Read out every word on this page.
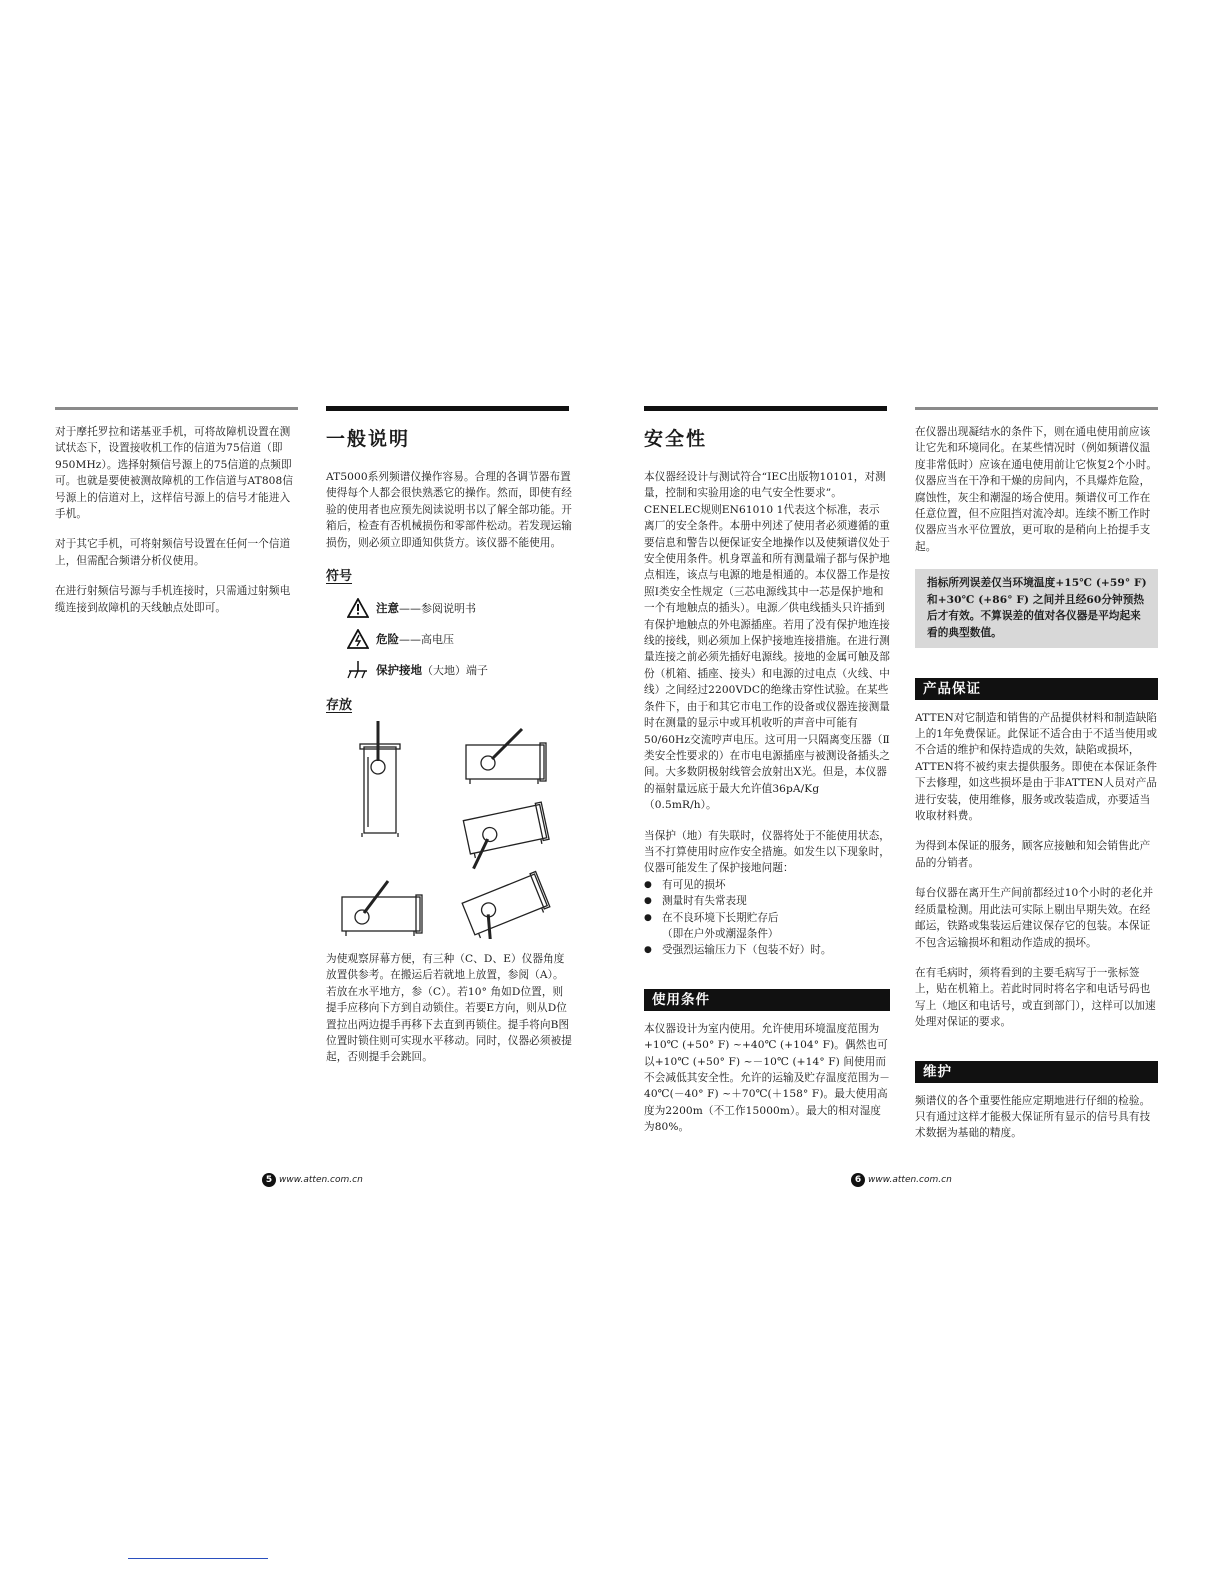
对于摩托罗拉和诺基亚手机，可将故障机设置在测试状态下，设置接收机工作的信道为75信道（即950MHz）。选择射频信号源上的75信道的点频即可。也就是要使被测故障机的工作信道与AT808信号源上的信道对上，这样信号源上的信号才能进入手机。

对于其它手机，可将射频信号设置在任何一个信道上，但需配合频谱分析仪使用。

在进行射频信号源与手机连接时，只需通过射频电缆连接到故障机的天线触点处即可。

一般说明

AT5000系列频谱仪操作容易。合理的各调节器布置使得每个人都会很快熟悉它的操作。然而，即使有经验的使用者也应预先阅读说明书以了解全部功能。开箱后，检查有否机械损伤和零部件松动。若发现运输损伤，则必须立即通知供货方。该仪器不能使用。

符号
注意 ——参阅说明书
危险 ——高电压
保护接地 （大地）端子
存放

为使观察屏幕方便，有三种（C、D、E）仪器角度放置供参考。在搬运后若就地上放置，参阅（A）。若放在水平地方，参（C）。若10° 角如D位置，则提手应移向下方到自动锁住。若要E方向，则从D位置拉出两边提手再移下去直到再锁住。提手将向B图位置时锁住则可实现水平移动。同时，仪器必须被提起，否则提手会跳回。

安全性

本仪器经设计与测试符合“IEC出版物10101，对测量，控制和实验用途的电气安全性要求”。CENELEC规则EN61010 1代表这个标准，表示离厂的安全条件。本册中列述了使用者必须遵循的重要信息和警告以便保证安全地操作以及使频谱仪处于安全使用条件。机身罩盖和所有测量端子都与保护地点相连，该点与电源的地是相通的。本仪器工作是按照Ⅰ类安全性规定（三芯电源线其中一芯是保护地和一个有地触点的插头）。电源／供电线插头只许插到有保护地触点的外电源插座。若用了没有保护地连接线的接线，则必须加上保护接地连接措施。在进行测量连接之前必须先插好电源线。接地的金属可触及部份（机箱、插座、接头）和电源的过电点（火线、中线）之间经过2200VDC的绝缘击穿性试验。在某些条件下，由于和其它市电工作的设备或仪器连接测量时在测量的显示中或耳机收听的声音中可能有50/60Hz交流哼声电压。这可用一只隔离变压器（Ⅱ类安全性要求的）在市电电源插座与被测设备插头之间。大多数阴极射线管会放射出X光。但是，本仪器的福射量远底于最大允许值36pA/Kg（0.5mR/h）。

当保护（地）有失联时，仪器将处于不能使用状态，当不打算使用时应作安全措施。如发生以下现象时，仪器可能发生了保护接地问题：

● 有可见的损坏
● 测量时有失常表现
● 在不良环境下长期贮存后
（即在户外或潮湿条件）
● 受强烈运输压力下（包装不好）时。
使用条件

本仪器设计为室内使用。允许使用环境温度范围为+10℃ (+50° F) ~+40℃ (+104° F)。偶然也可以+10℃ (+50° F) ~－10℃ (+14° F) 间使用而不会减低其安全性。允许的运输及贮存温度范围为－40℃(－40° F) ~＋70℃(＋158° F)。最大使用高度为2200m（不工作15000m）。最大的相对湿度为80%。

在仪器出现凝结水的条件下，则在通电使用前应该让它先和环境同化。在某些情况时（例如频谱仪温度非常低时）应该在通电使用前让它恢复2个小时。仪器应当在干净和干燥的房间内，不具爆炸危险，腐蚀性，灰尘和潮湿的场合使用。频谱仪可工作在任意位置，但不应阻挡对流冷却。连续不断工作时仪器应当水平位置放，更可取的是稍向上抬提手支起。

指标所列误差仅当环境温度+15℃ (+59° F)和+30℃ (+86° F) 之间并且经60分钟预热后才有效。不算误差的值对各仪器是平均起来看的典型数值。

产品保证

ATTEN对它制造和销售的产品提供材料和制造缺陷上的1年免费保证。此保证不适合由于不适当使用或不合适的维护和保持造成的失效，缺陷或损坏，ATTEN将不被约束去提供服务。即使在本保证条件下去修理，如这些损坏是由于非ATTEN人员对产品进行安装，使用维修，服务或改装造成，亦要适当收取材料费。

为得到本保证的服务，顾客应接触和知会销售此产品的分销者。

每台仪器在离开生产间前都经过10个小时的老化并经质量检测。用此法可实际上剔出早期失效。在经邮运，铁路或集装运后建议保存它的包装。本保证不包含运输损坏和粗动作造成的损坏。

在有毛病时，须将看到的主要毛病写于一张标签上，贴在机箱上。若此时同时将名字和电话号码也写上（地区和电话号，或直到部门），这样可以加速处理对保证的要求。

维护

频谱仪的各个重要性能应定期地进行仔细的检验。只有通过这样才能极大保证所有显示的信号具有技术数据为基础的精度。

5 www.atten.com.cn	6 www.atten.com.cn
